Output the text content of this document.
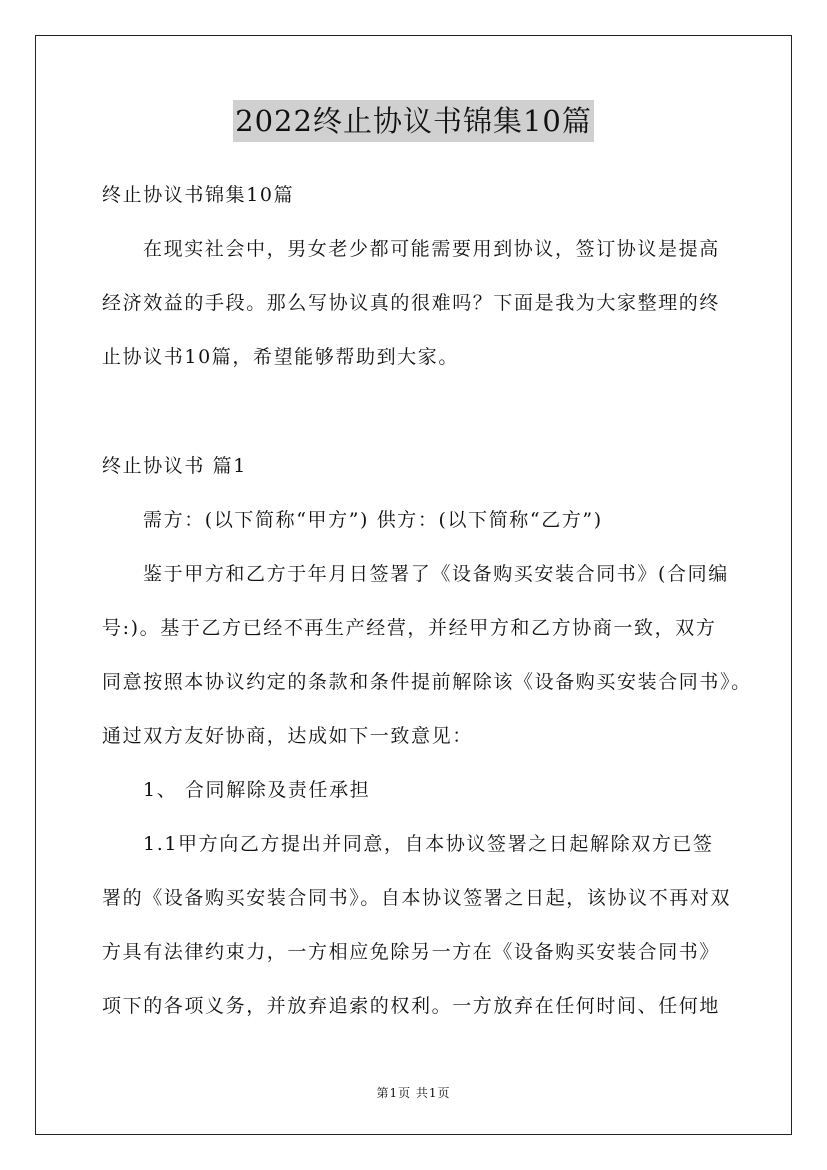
2022终止协议书锦集10篇
终止协议书锦集10篇
在现实社会中，男女老少都可能需要用到协议，签订协议是提高
经济效益的手段。那么写协议真的很难吗？下面是我为大家整理的终
止协议书10篇，希望能够帮助到大家。
终止协议书 篇1
需方：(以下简称“甲方”) 供方：(以下简称“乙方”)
鉴于甲方和乙方于年月日签署了《设备购买安装合同书》(合同编
号:)。基于乙方已经不再生产经营，并经甲方和乙方协商一致，双方
同意按照本协议约定的条款和条件提前解除该《设备购买安装合同书》。
通过双方友好协商，达成如下一致意见：
1、 合同解除及责任承担
1.1甲方向乙方提出并同意，自本协议签署之日起解除双方已签
署的《设备购买安装合同书》。自本协议签署之日起，该协议不再对双
方具有法律约束力，一方相应免除另一方在《设备购买安装合同书》
项下的各项义务，并放弃追索的权利。一方放弃在任何时间、任何地
第1页 共1页
